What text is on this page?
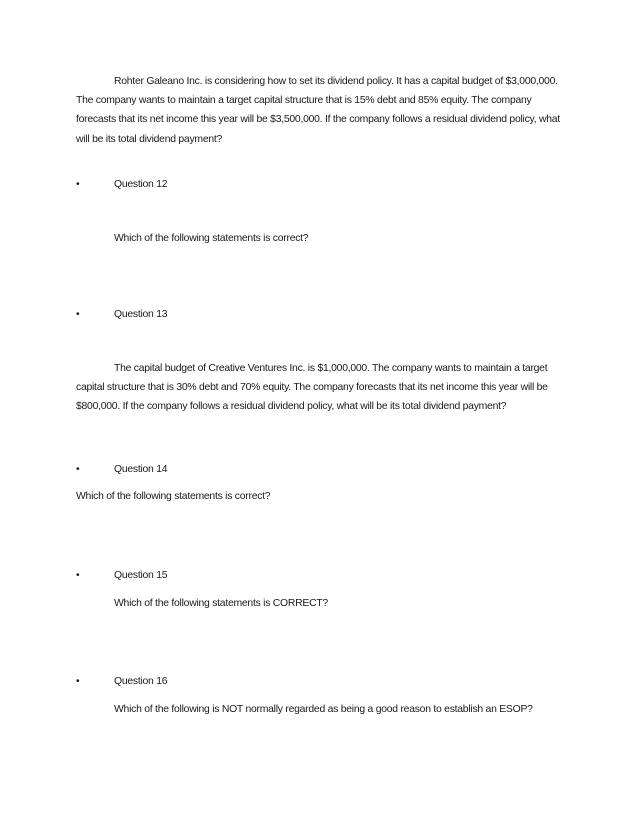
Rohter Galeano Inc. is considering how to set its dividend policy. It has a capital budget of $3,000,000. The company wants to maintain a target capital structure that is 15% debt and 85% equity. The company forecasts that its net income this year will be $3,500,000. If the company follows a residual dividend policy, what will be its total dividend payment?

•	Question 12
Which of the following statements is correct?
•	Question 13

The capital budget of Creative Ventures Inc. is $1,000,000. The company wants to maintain a target capital structure that is 30% debt and 70% equity. The company forecasts that its net income this year will be $800,000. If the company follows a residual dividend policy, what will be its total dividend payment?

•	Question 14
Which of the following statements is correct?
•	Question 15
Which of the following statements is CORRECT?
•	Question 16
Which of the following is NOT normally regarded as being a good reason to establish an ESOP?
